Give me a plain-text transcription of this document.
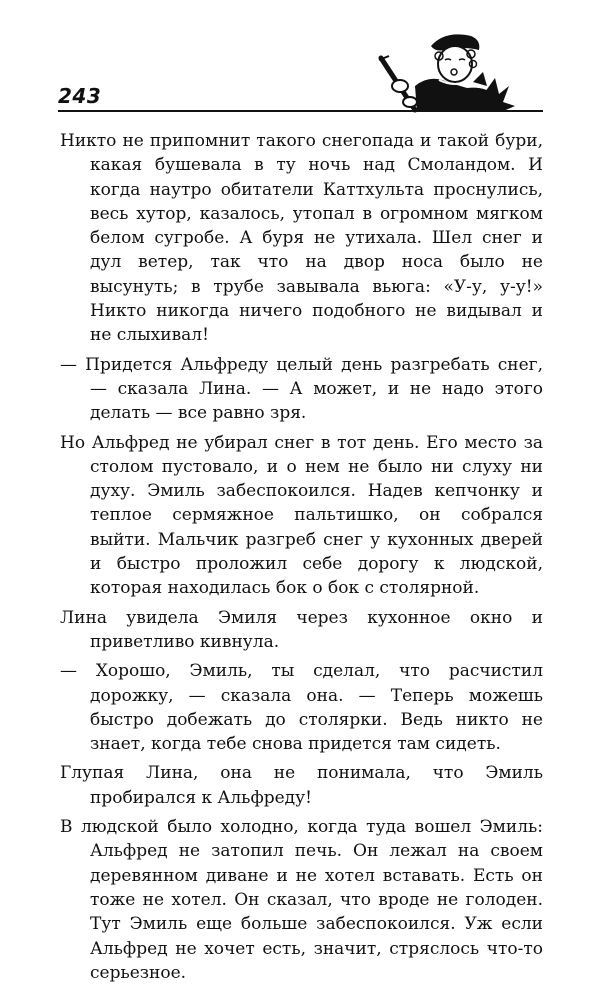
243

Никто не припомнит такого снегопада и такой бури, какая бушевала в ту ночь над Смоландом. И когда наутро обитатели Каттхульта проснулись, весь хутор, казалось, утопал в огромном мягком белом сугробе. А буря не утихала. Шел снег и дул ветер, так что на двор носа было не высунуть; в трубе завывала вьюга: «У-у, у-у!» Никто никогда ничего подобного не видывал и не слыхивал!

— Придется Альфреду целый день разгребать снег, — сказала Лина. — А может, и не надо этого делать — все равно зря.

Но Альфред не убирал снег в тот день. Его место за столом пустовало, и о нем не было ни слуху ни духу. Эмиль забеспокоился. Надев кепчонку и теплое сермяжное пальтишко, он собрался выйти. Мальчик разгреб снег у кухонных дверей и быстро проложил себе дорогу к людской, которая находилась бок о бок с столярной.

Лина увидела Эмиля через кухонное окно и приветливо кивнула.

— Хорошо, Эмиль, ты сделал, что расчистил дорожку, — сказала она. — Теперь можешь быстро добежать до столярки. Ведь никто не знает, когда тебе снова придется там сидеть.

Глупая Лина, она не понимала, что Эмиль пробирался к Альфреду!

В людской было холодно, когда туда вошел Эмиль: Альфред не затопил печь. Он лежал на своем деревянном диване и не хотел вставать. Есть он тоже не хотел. Он сказал, что вроде не голоден. Тут Эмиль еще больше забеспокоился. Уж если Альфред не хочет есть, значит, стряслось что-то серьезное.
